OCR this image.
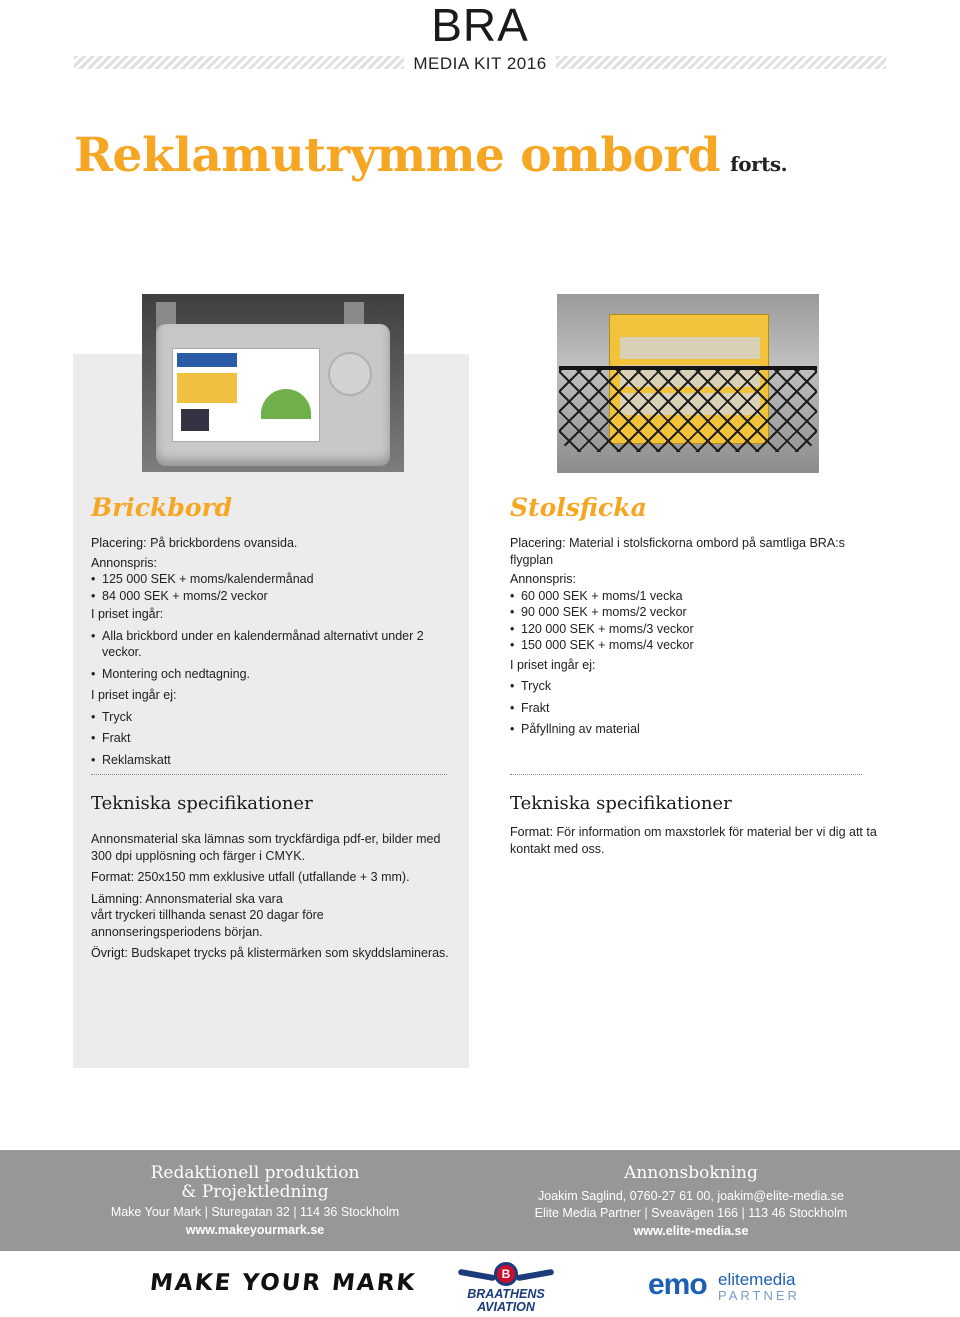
BRA
MEDIA KIT 2016
Reklamutrymme ombord forts.
Brickbord
Placering: På brickbordens ovansida.
Annonspris:
• 125 000 SEK + moms/kalendermånad
• 84 000 SEK + moms/2 veckor
I priset ingår:
• Alla brickbord under en kalendermånad alternativt under 2 veckor.
• Montering och nedtagning.
I priset ingår ej:
• Tryck
• Frakt
• Reklamskatt
Stolsficka
Placering: Material i stolsfickorna ombord på samtliga BRA:s flygplan
Annonspris:
• 60 000 SEK + moms/1 vecka
• 90 000 SEK + moms/2 veckor
• 120 000 SEK + moms/3 veckor
• 150 000 SEK + moms/4 veckor
I priset ingår ej:
• Tryck
• Frakt
• Påfyllning av material
Tekniska specifikationer

Annonsmaterial ska lämnas som tryckfärdiga pdf-er, bilder med 300 dpi upplösning och färger i CMYK.

Format: 250x150 mm exklusive utfall (utfallande + 3 mm).

Lämning: Annonsmaterial ska vara
vårt tryckeri tillhanda senast 20 dagar före annonseringsperiodens början.

Övrigt: Budskapet trycks på klistermärken som skyddslamineras.

Tekniska specifikationer

Format: För information om maxstorlek för material ber vi dig att ta kontakt med oss.

Redaktionell produktion
& Projektledning
Make Your Mark | Sturegatan 32 | 114 36 Stockholm
www.makeyourmark.se
Annonsbokning
Joakim Saglind, 0760-27 61 00, joakim@elite-media.se
Elite Media Partner | Sveavägen 166 | 113 46 Stockholm
www.elite-media.se
MAKE YOUR MARK	B
BRAATHENS
AVIATION
emo elitemedia
PARTNER
